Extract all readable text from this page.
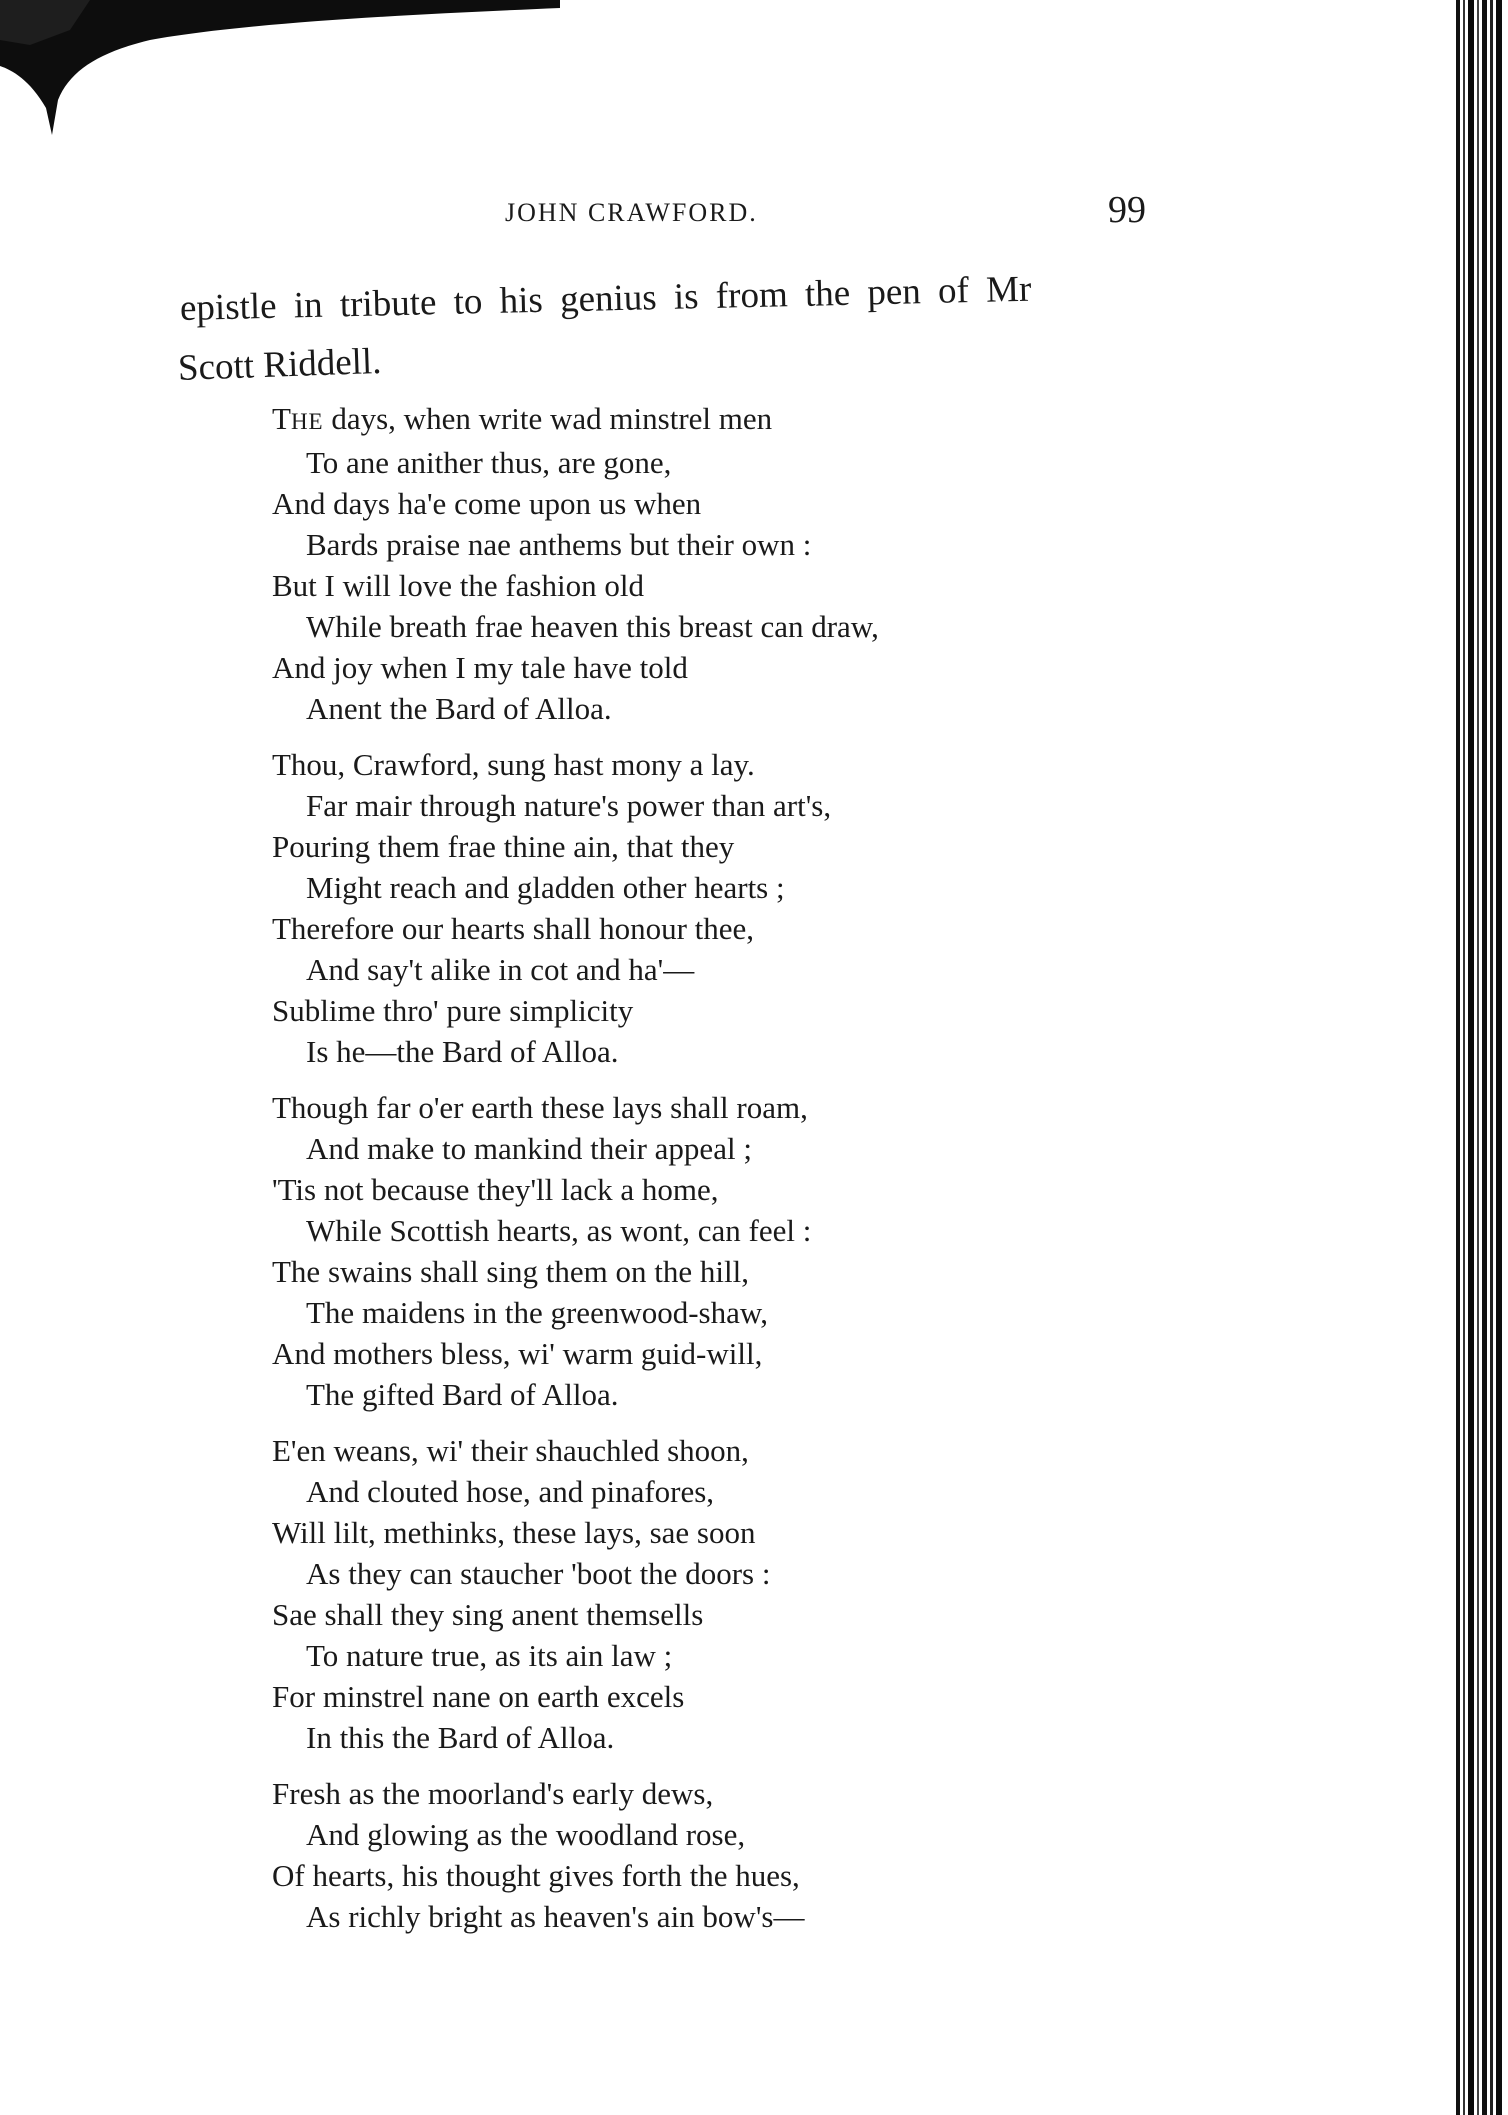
JOHN CRAWFORD.	99
epistle in tribute to his genius is from the pen of Mr
Scott Riddell.
THE days, when write wad minstrel men
To ane anither thus, are gone,
And days ha'e come upon us when
Bards praise nae anthems but their own :
But I will love the fashion old
While breath frae heaven this breast can draw,
And joy when I my tale have told
Anent the Bard of Alloa.
Thou, Crawford, sung hast mony a lay.
Far mair through nature's power than art's,
Pouring them frae thine ain, that they
Might reach and gladden other hearts ;
Therefore our hearts shall honour thee,
And say't alike in cot and ha'—
Sublime thro' pure simplicity
Is he—the Bard of Alloa.
Though far o'er earth these lays shall roam,
And make to mankind their appeal ;
'Tis not because they'll lack a home,
While Scottish hearts, as wont, can feel :
The swains shall sing them on the hill,
The maidens in the greenwood-shaw,
And mothers bless, wi' warm guid-will,
The gifted Bard of Alloa.
E'en weans, wi' their shauchled shoon,
And clouted hose, and pinafores,
Will lilt, methinks, these lays, sae soon
As they can staucher 'boot the doors :
Sae shall they sing anent themsells
To nature true, as its ain law ;
For minstrel nane on earth excels
In this the Bard of Alloa.
Fresh as the moorland's early dews,
And glowing as the woodland rose,
Of hearts, his thought gives forth the hues,
As richly bright as heaven's ain bow's—
